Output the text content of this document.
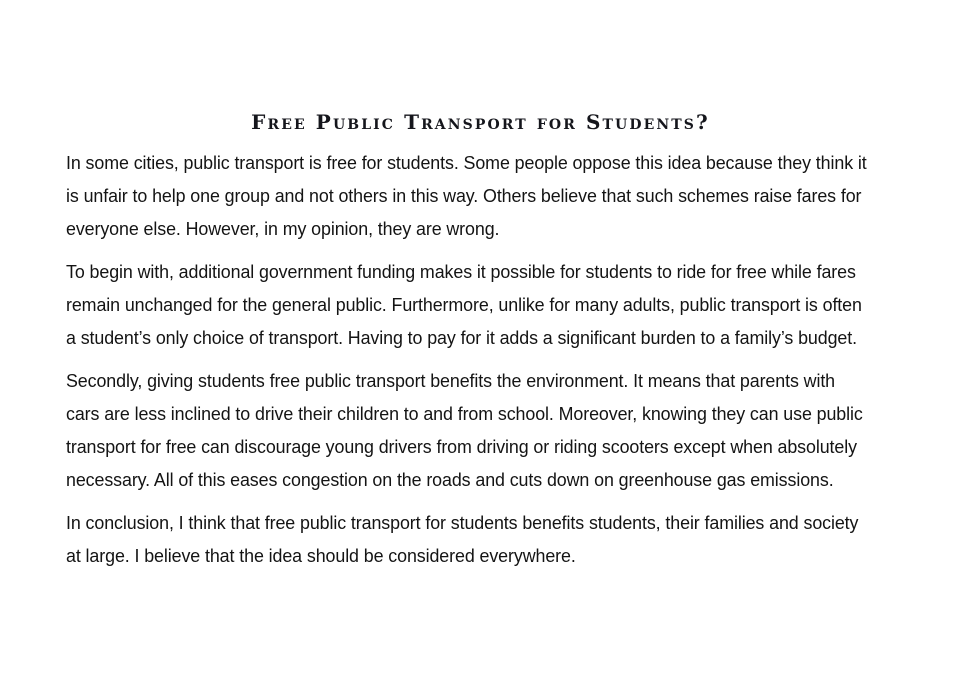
Free Public Transport for Students?

In some cities, public transport is free for students. Some people oppose this idea because they think it is unfair to help one group and not others in this way. Others believe that such schemes raise fares for everyone else. However, in my opinion, they are wrong.

To begin with, additional government funding makes it possible for students to ride for free while fares remain unchanged for the general public. Furthermore, unlike for many adults, public transport is often a student’s only choice of transport. Having to pay for it adds a significant burden to a family’s budget.

Secondly, giving students free public transport benefits the environment. It means that parents with cars are less inclined to drive their children to and from school. Moreover, knowing they can use public transport for free can discourage young drivers from driving or riding scooters except when absolutely necessary. All of this eases congestion on the roads and cuts down on greenhouse gas emissions.

In conclusion, I think that free public transport for students benefits students, their families and society at large. I believe that the idea should be considered everywhere.
